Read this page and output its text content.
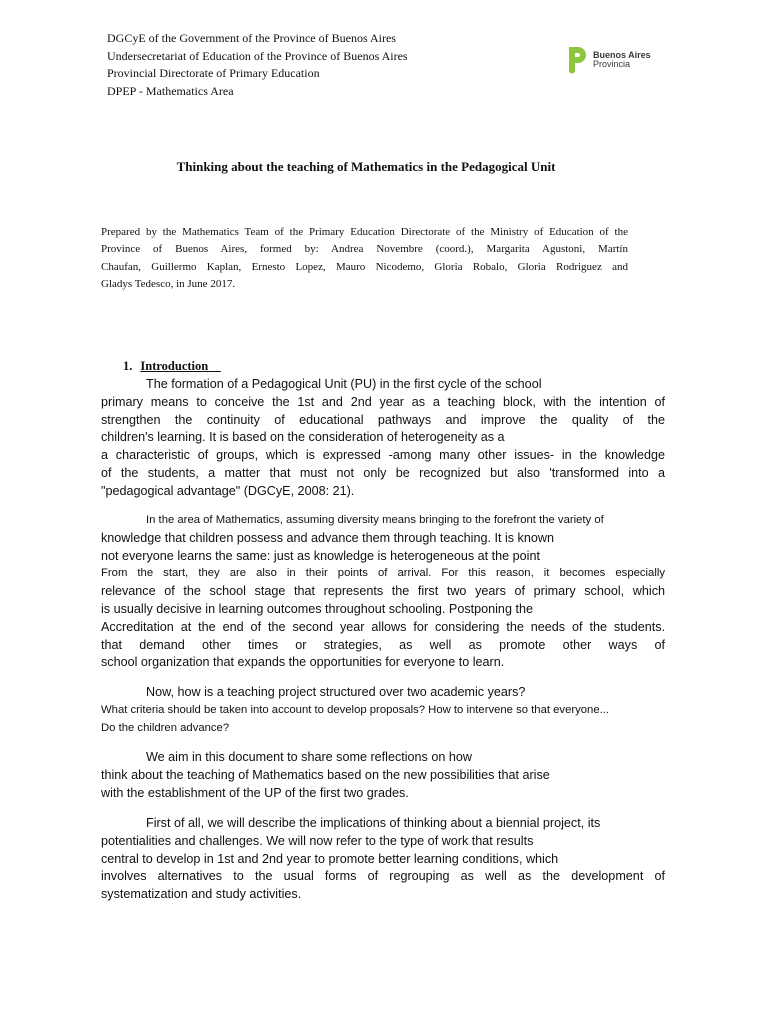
DGCyE of the Government of the Province of Buenos Aires
Undersecretariat of Education of the Province of Buenos Aires
Provincial Directorate of Primary Education
DPEP - Mathematics Area
Buenos Aires
Provincia
Thinking about the teaching of Mathematics in the Pedagogical Unit
Prepared by the Mathematics Team of the Primary Education Directorate of the Ministry of Education of the
Province of Buenos Aires, formed by: Andrea Novembre (coord.), Margarita Agustoni, Martín
Chaufan, Guillermo Kaplan, Ernesto Lopez, Mauro Nicodemo, Gloria Robalo, Gloria Rodriguez and
Gladys Tedesco, in June 2017.
1. Introduction
The formation of a Pedagogical Unit (PU) in the first cycle of the school
primary means to conceive the 1st and 2nd year as a teaching block, with the intention of
strengthen the continuity of educational pathways and improve the quality of the
children's learning. It is based on the consideration of heterogeneity as a
a characteristic of groups, which is expressed -among many other issues- in the knowledge
of the students, a matter that must not only be recognized but also 'transformed into a
"pedagogical advantage" (DGCyE, 2008: 21).
In the area of Mathematics, assuming diversity means bringing to the forefront the variety of
knowledge that children possess and advance them through teaching. It is known
not everyone learns the same: just as knowledge is heterogeneous at the point
From the start, they are also in their points of arrival. For this reason, it becomes especially
relevance of the school stage that represents the first two years of primary school, which
is usually decisive in learning outcomes throughout schooling. Postponing the
Accreditation at the end of the second year allows for considering the needs of the students.
that demand other times or strategies, as well as promote other ways of
school organization that expands the opportunities for everyone to learn.
Now, how is a teaching project structured over two academic years?
What criteria should be taken into account to develop proposals? How to intervene so that everyone...
Do the children advance?
We aim in this document to share some reflections on how
think about the teaching of Mathematics based on the new possibilities that arise
with the establishment of the UP of the first two grades.
First of all, we will describe the implications of thinking about a biennial project, its
potentialities and challenges. We will now refer to the type of work that results
central to develop in 1st and 2nd year to promote better learning conditions, which
involves alternatives to the usual forms of regrouping as well as the development of
systematization and study activities.
